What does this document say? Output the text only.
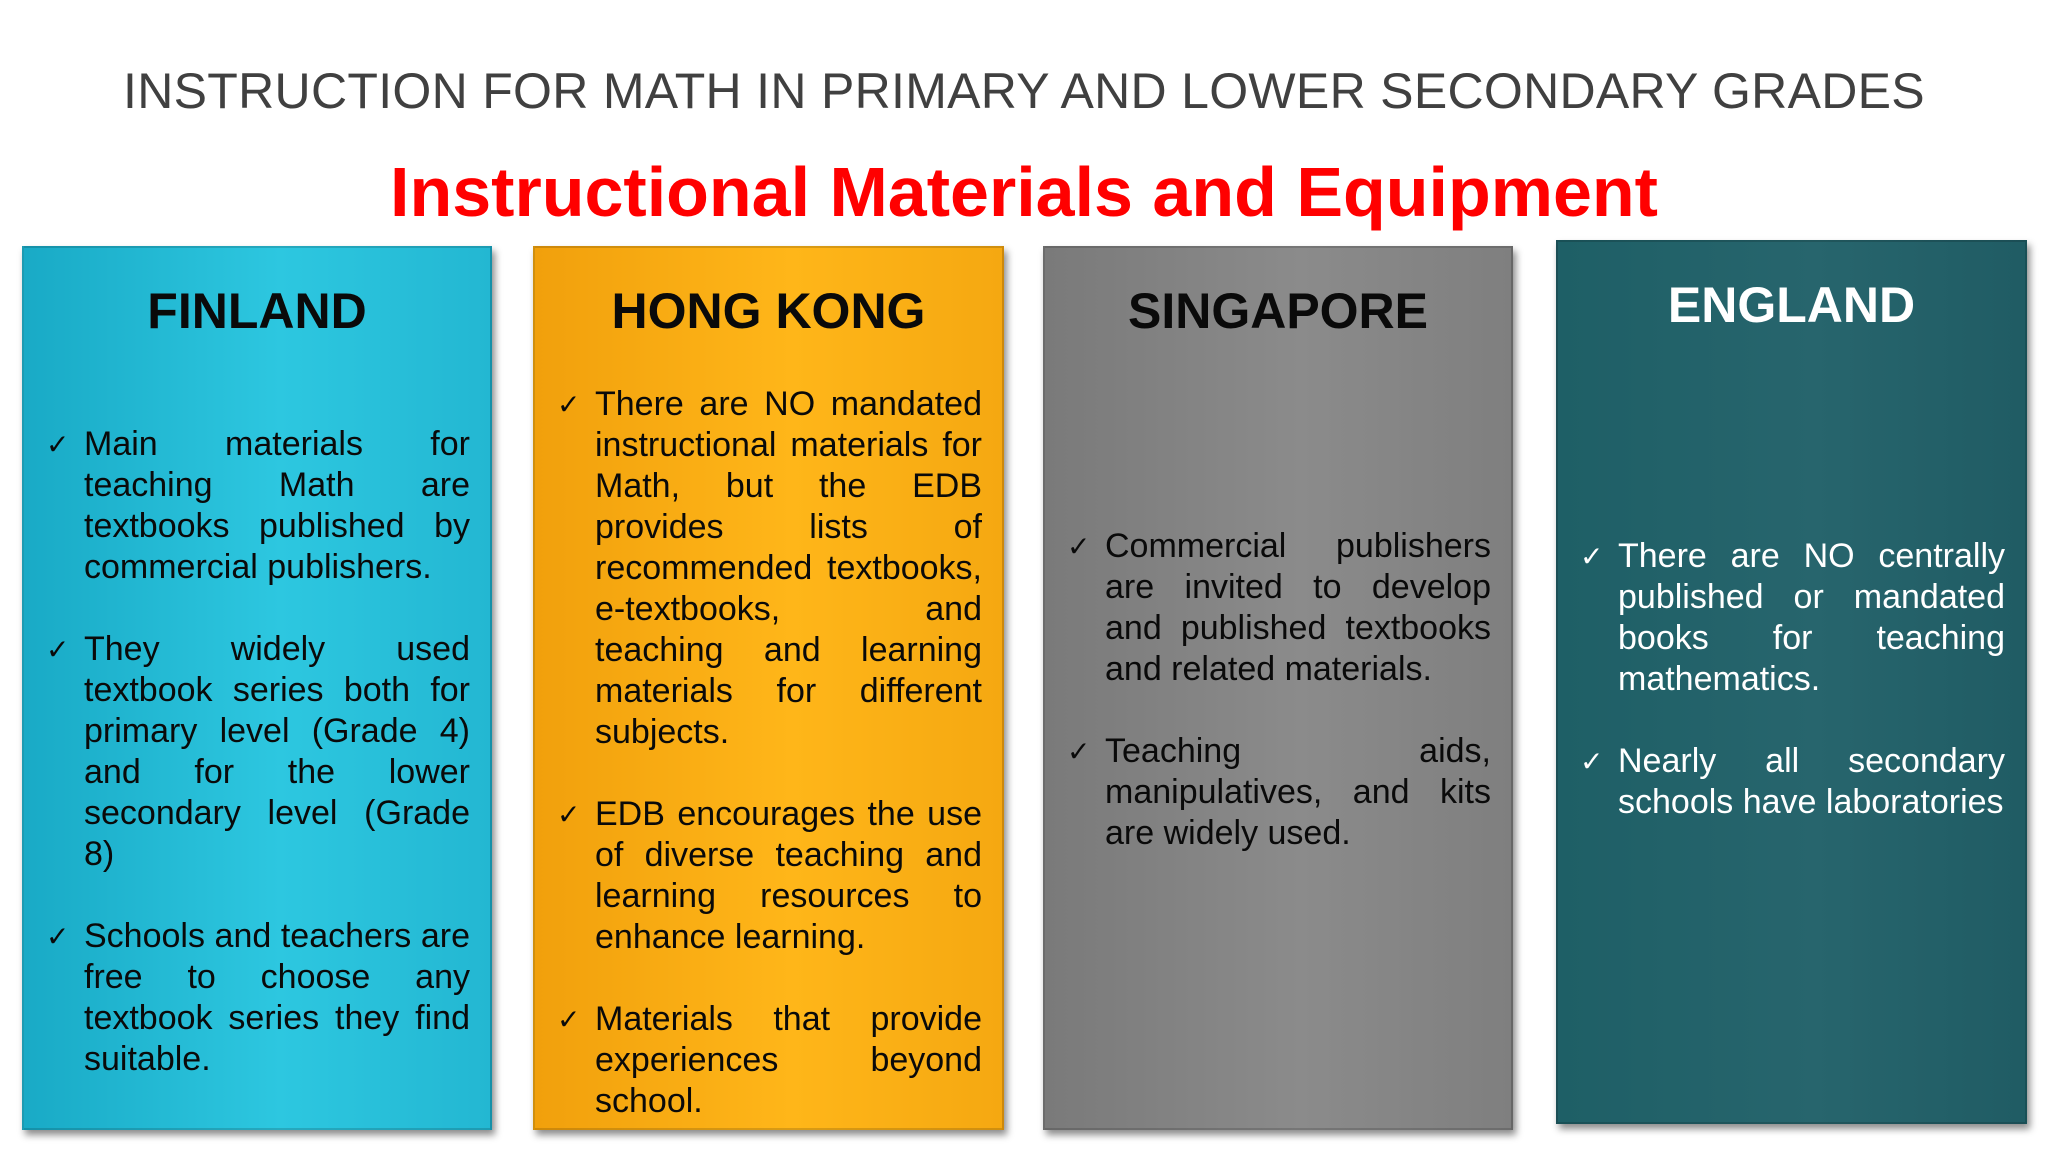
INSTRUCTION FOR MATH IN PRIMARY AND LOWER SECONDARY GRADES
Instructional Materials and Equipment
FINLAND
✓ Main materials for teaching Math are textbooks published by commercial publishers.
✓ They widely used textbook series both for primary level (Grade 4) and for the lower secondary level (Grade 8)
✓ Schools and teachers are free to choose any textbook series they find suitable.
HONG KONG
✓ There are NO mandated instructional materials for Math, but the EDB provides lists of recommended textbooks, e-textbooks, and teaching and learning materials for different subjects.
✓ EDB encourages the use of diverse teaching and learning resources to enhance learning.
✓ Materials that provide experiences beyond school.
SINGAPORE
✓ Commercial publishers are invited to develop and published textbooks and related materials.
✓ Teaching aids, manipulatives, and kits are widely used.
ENGLAND
✓ There are NO centrally published or mandated books for teaching mathematics.
✓ Nearly all secondary schools have laboratories
